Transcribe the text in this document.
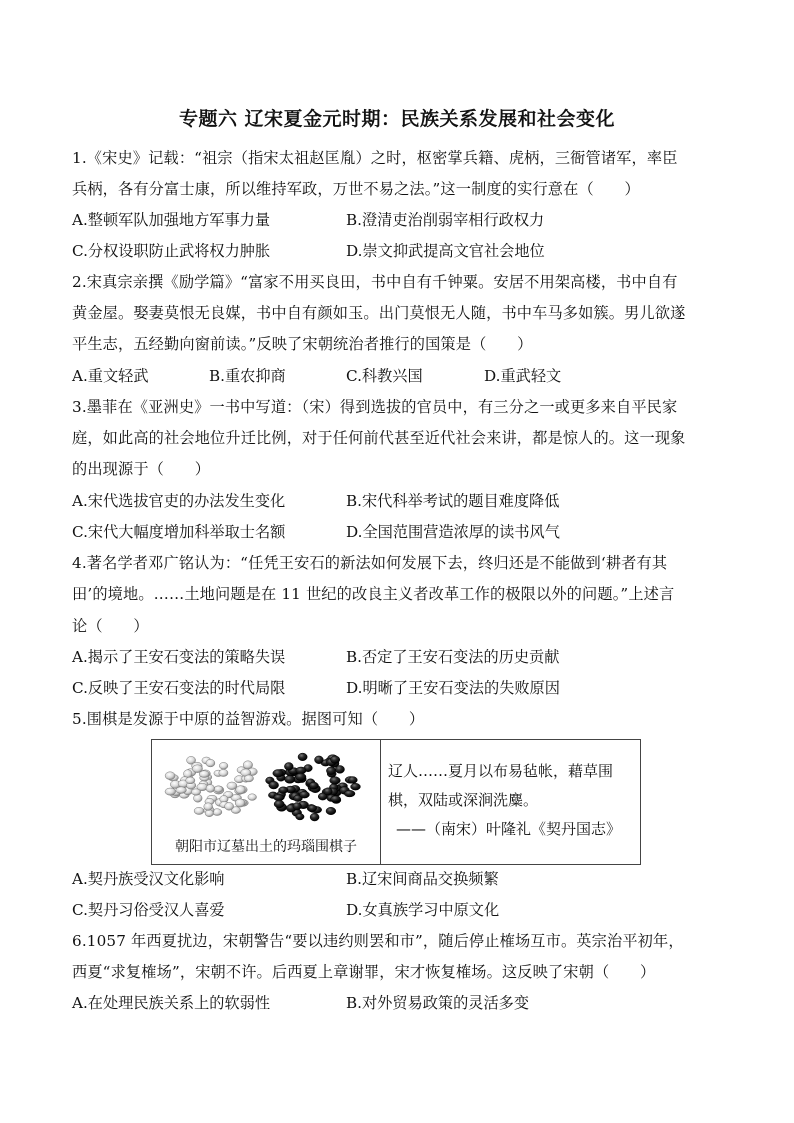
专题六 辽宋夏金元时期：民族关系发展和社会变化
1.《宋史》记载：“祖宗（指宋太祖赵匡胤）之时，枢密掌兵籍、虎柄，三衙管诸军，率臣
兵柄，各有分富士康，所以维持军政，万世不易之法。”这一制度的实行意在（　　）
A.整顿军队加强地方军事力量	B.澄清吏治削弱宰相行政权力
C.分权设职防止武将权力肿胀	D.崇文抑武提高文官社会地位
2.宋真宗亲撰《励学篇》“富家不用买良田，书中自有千钟粟。安居不用架高楼，书中自有
黄金屋。娶妻莫恨无良媒，书中自有颜如玉。出门莫恨无人随，书中车马多如簇。男儿欲遂
平生志，五经勤向窗前读。”反映了宋朝统治者推行的国策是（　　）
A.重文轻武	B.重农抑商	C.科教兴国	D.重武轻文
3.墨菲在《亚洲史》一书中写道：（宋）得到选拔的官员中，有三分之一或更多来自平民家
庭，如此高的社会地位升迁比例，对于任何前代甚至近代社会来讲，都是惊人的。这一现象
的出现源于（　　）
A.宋代选拔官吏的办法发生变化	B.宋代科举考试的题目难度降低
C.宋代大幅度增加科举取士名额	D.全国范围营造浓厚的读书风气
4.著名学者邓广铭认为：“任凭王安石的新法如何发展下去，终归还是不能做到‘耕者有其
田’的境地。……土地问题是在 11 世纪的改良主义者改革工作的极限以外的问题。”上述言
论（　　）
A.揭示了王安石变法的策略失误	B.否定了王安石变法的历史贡献
C.反映了王安石变法的时代局限	D.明晰了王安石变法的失败原因
5.围棋是发源于中原的益智游戏。据图可知（　　）
朝阳市辽墓出土的玛瑙围棋子
辽人……夏月以布易毡帐，藉草围
棋，双陆或深涧洗麋。
——（南宋）叶隆礼《契丹国志》
A.契丹族受汉文化影响	B.辽宋间商品交换频繁
C.契丹习俗受汉人喜爱	D.女真族学习中原文化
6.1057 年西夏扰边，宋朝警告“要以违约则罢和市”，随后停止榷场互市。英宗治平初年，
西夏“求复榷场”，宋朝不许。后西夏上章谢罪，宋才恢复榷场。这反映了宋朝（　　）
A.在处理民族关系上的软弱性	B.对外贸易政策的灵活多变
